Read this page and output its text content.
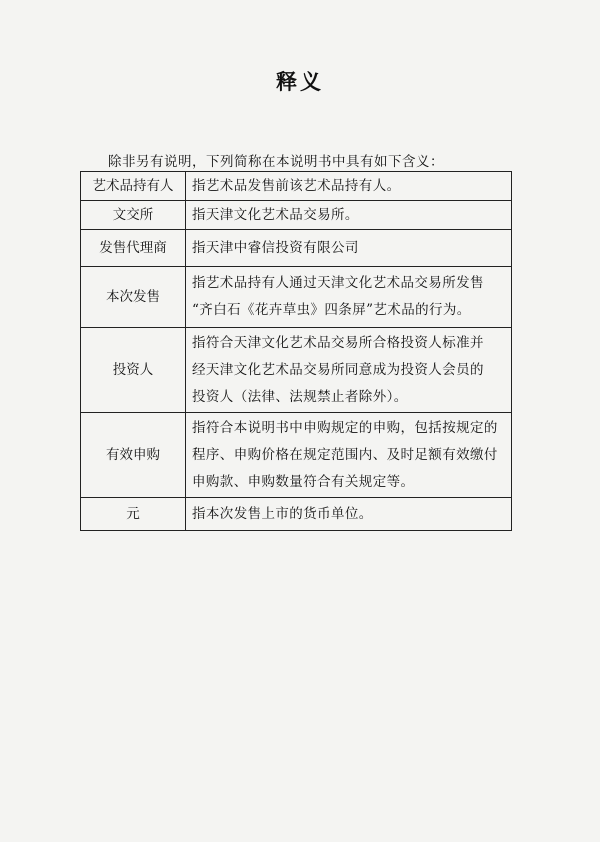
释义
除非另有说明，下列简称在本说明书中具有如下含义：
艺术品持有人	指艺术品发售前该艺术品持有人。

文交所	指天津文化艺术品交易所。

发售代理商	指天津中睿信投资有限公司

本次发售	指艺术品持有人通过天津文化艺术品交易所发售
“齐白石《花卉草虫》四条屏”艺术品的行为。

投资人	指符合天津文化艺术品交易所合格投资人标准并
经天津文化艺术品交易所同意成为投资人会员的
投资人（法律、法规禁止者除外）。

有效申购	指符合本说明书中申购规定的申购，包括按规定的
程序、申购价格在规定范围内、及时足额有效缴付
申购款、申购数量符合有关规定等。

元	指本次发售上市的货币单位。
